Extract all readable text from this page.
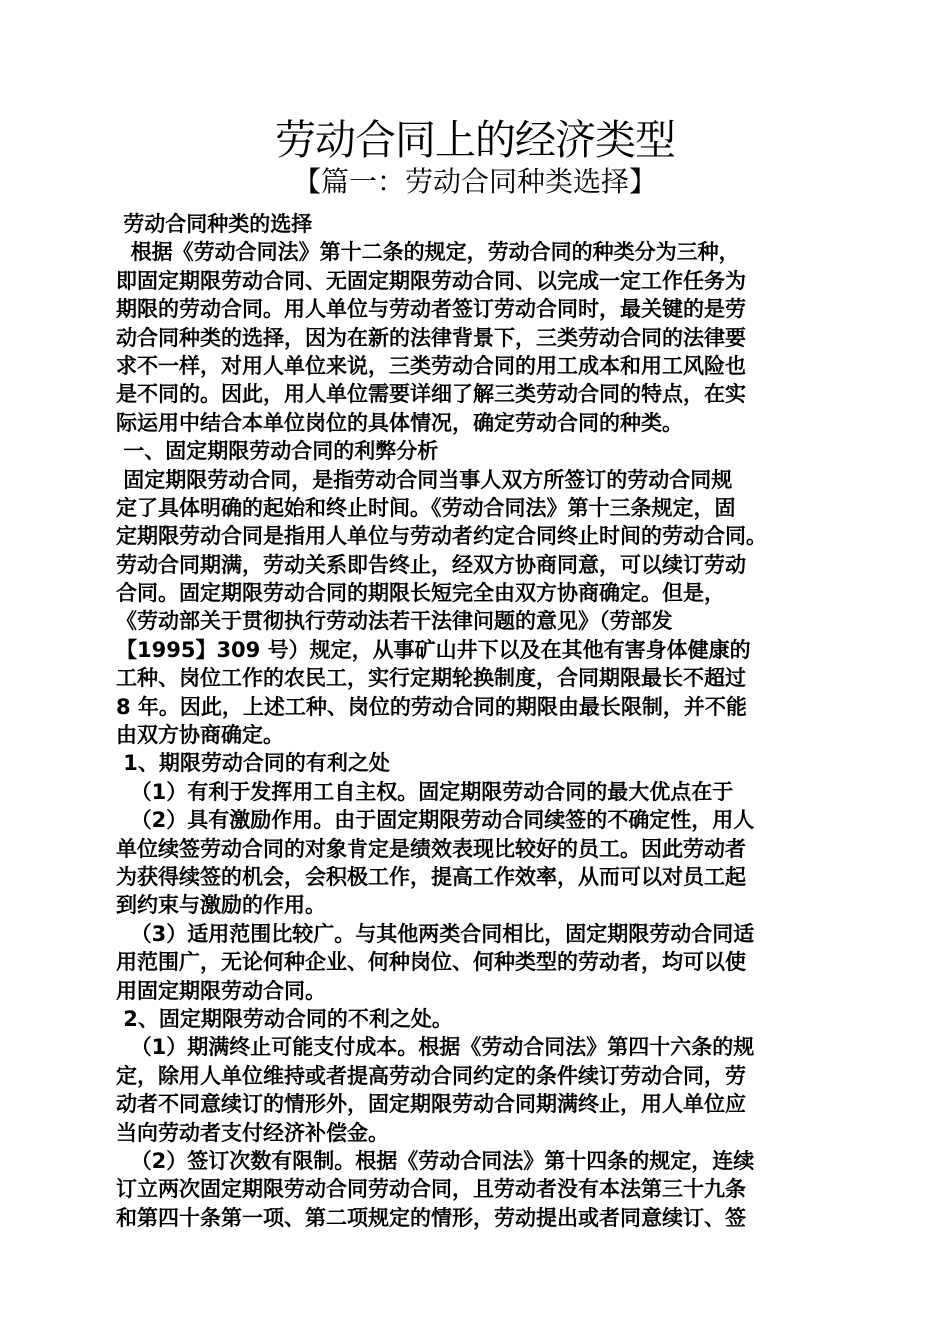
劳动合同上的经济类型
【篇一：劳动合同种类选择】
劳动合同种类的选择
根据《劳动合同法》第十二条的规定，劳动合同的种类分为三种，
即固定期限劳动合同、无固定期限劳动合同、以完成一定工作任务为
期限的劳动合同。用人单位与劳动者签订劳动合同时，最关键的是劳
动合同种类的选择，因为在新的法律背景下，三类劳动合同的法律要
求不一样，对用人单位来说，三类劳动合同的用工成本和用工风险也
是不同的。因此，用人单位需要详细了解三类劳动合同的特点，在实
际运用中结合本单位岗位的具体情况，确定劳动合同的种类。
一、固定期限劳动合同的利弊分析
固定期限劳动合同，是指劳动合同当事人双方所签订的劳动合同规
定了具体明确的起始和终止时间。《劳动合同法》第十三条规定，固
定期限劳动合同是指用人单位与劳动者约定合同终止时间的劳动合同。
劳动合同期满，劳动关系即告终止，经双方协商同意，可以续订劳动
合同。固定期限劳动合同的期限长短完全由双方协商确定。但是，
《劳动部关于贯彻执行劳动法若干法律问题的意见》（劳部发
【1995】309 号）规定，从事矿山井下以及在其他有害身体健康的
工种、岗位工作的农民工，实行定期轮换制度，合同期限最长不超过
8 年。因此，上述工种、岗位的劳动合同的期限由最长限制，并不能
由双方协商确定。
1、期限劳动合同的有利之处
（1）有利于发挥用工自主权。固定期限劳动合同的最大优点在于
（2）具有激励作用。由于固定期限劳动合同续签的不确定性，用人
单位续签劳动合同的对象肯定是绩效表现比较好的员工。因此劳动者
为获得续签的机会，会积极工作，提高工作效率，从而可以对员工起
到约束与激励的作用。
（3）适用范围比较广。与其他两类合同相比，固定期限劳动合同适
用范围广，无论何种企业、何种岗位、何种类型的劳动者，均可以使
用固定期限劳动合同。
2、固定期限劳动合同的不利之处。
（1）期满终止可能支付成本。根据《劳动合同法》第四十六条的规
定，除用人单位维持或者提高劳动合同约定的条件续订劳动合同，劳
动者不同意续订的情形外，固定期限劳动合同期满终止，用人单位应
当向劳动者支付经济补偿金。
（2）签订次数有限制。根据《劳动合同法》第十四条的规定，连续
订立两次固定期限劳动合同劳动合同，且劳动者没有本法第三十九条
和第四十条第一项、第二项规定的情形，劳动提出或者同意续订、签
